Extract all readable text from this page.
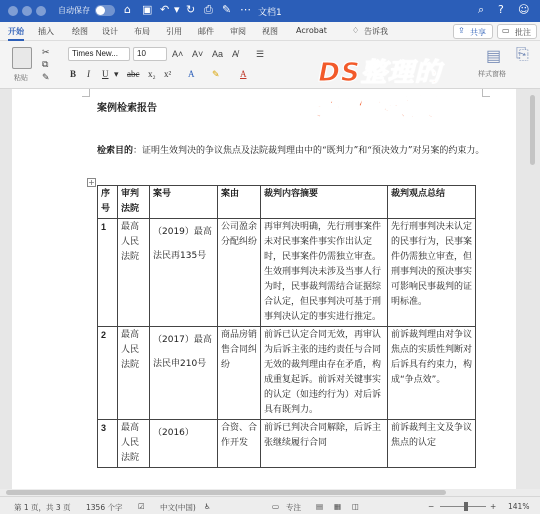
自动保存	⌂ ▣ ↶ ▾ ↻ ⎙ ✎ ⋯ 文档1	⌕ ? ☺
开始 插入 绘图 设计 布局 引用 邮件 审阅 视图 Acrobat	♢ 告诉我	⇪ 共享	▭ 批注
粘贴
✂
⧉
✎
Times New...	10	A˄ A˅ Aa A̸ ☰
B I U ▾ abc x₂ x² A ✎ A
▤
样式窗格
⎘
DS整理的
案例检索报告
案例检索报告
检索目的：证明生效判决的争议焦点及法院裁判理由中的“既判力”和“预决效力”对另案的约束力。
+
序号	审判法院	案号	案由	裁判内容摘要	裁判观点总结
1	最高人民法院	（2019）最高法民再135号	公司盈余分配纠纷	再审判决明确，先行刑事案件未对民事案件事实作出认定时，民事案件仍需独立审查。生效刑事判决未涉及当事人行为时，民事裁判需结合证据综合认定，但民事判决可基于刑事判决认定的事实进行推定。	先行刑事判决未认定的民事行为，民事案件仍需独立审查，但刑事判决的预决事实可影响民事裁判的证明标准。
2	最高人民法院	（2017）最高法民申210号	商品房销售合同纠纷	前诉已认定合同无效，再审认为后诉主张的违约责任与合同无效的裁判理由存在矛盾，构成重复起诉。前诉对关键事实的认定（如违约行为）对后诉具有既判力。	前诉裁判理由对争议焦点的实质性判断对后诉具有约束力，构成“争点效”。
3	最高人民法院	（2016）	合资、合作开发	前诉已判决合同解除，后诉主张继续履行合同	前诉裁判主文及争议焦点的认定
第 1 页，共 3 页 1356 个字 ☑ 中文(中国) ♿	▭ 专注 ▤ ▦ ◫	−	+ 141%
